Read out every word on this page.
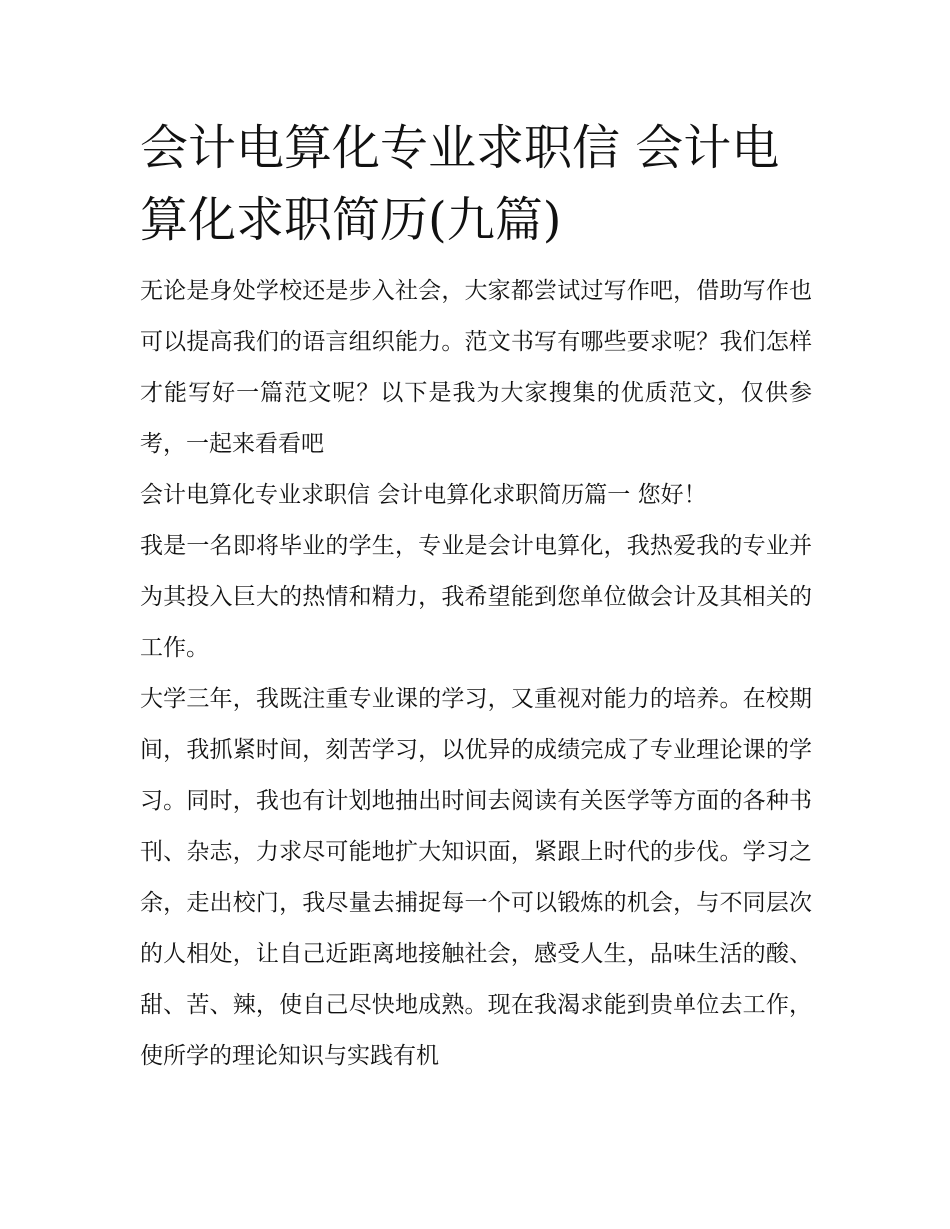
会计电算化专业求职信 会计电算化求职简历(九篇)

无论是身处学校还是步入社会，大家都尝试过写作吧，借助写作也可以提高我们的语言组织能力。范文书写有哪些要求呢？我们怎样才能写好一篇范文呢？以下是我为大家搜集的优质范文，仅供参考，一起来看看吧

会计电算化专业求职信 会计电算化求职简历篇一 您好！

我是一名即将毕业的学生，专业是会计电算化，我热爱我的专业并为其投入巨大的热情和精力，我希望能到您单位做会计及其相关的工作。

大学三年，我既注重专业课的学习，又重视对能力的培养。在校期间，我抓紧时间，刻苦学习，以优异的成绩完成了专业理论课的学习。同时，我也有计划地抽出时间去阅读有关医学等方面的各种书刊、杂志，力求尽可能地扩大知识面，紧跟上时代的步伐。学习之余，走出校门，我尽量去捕捉每一个可以锻炼的机会，与不同层次的人相处，让自己近距离地接触社会，感受人生，品味生活的酸、甜、苦、辣，使自己尽快地成熟。现在我渴求能到贵单位去工作，使所学的理论知识与实践有机
